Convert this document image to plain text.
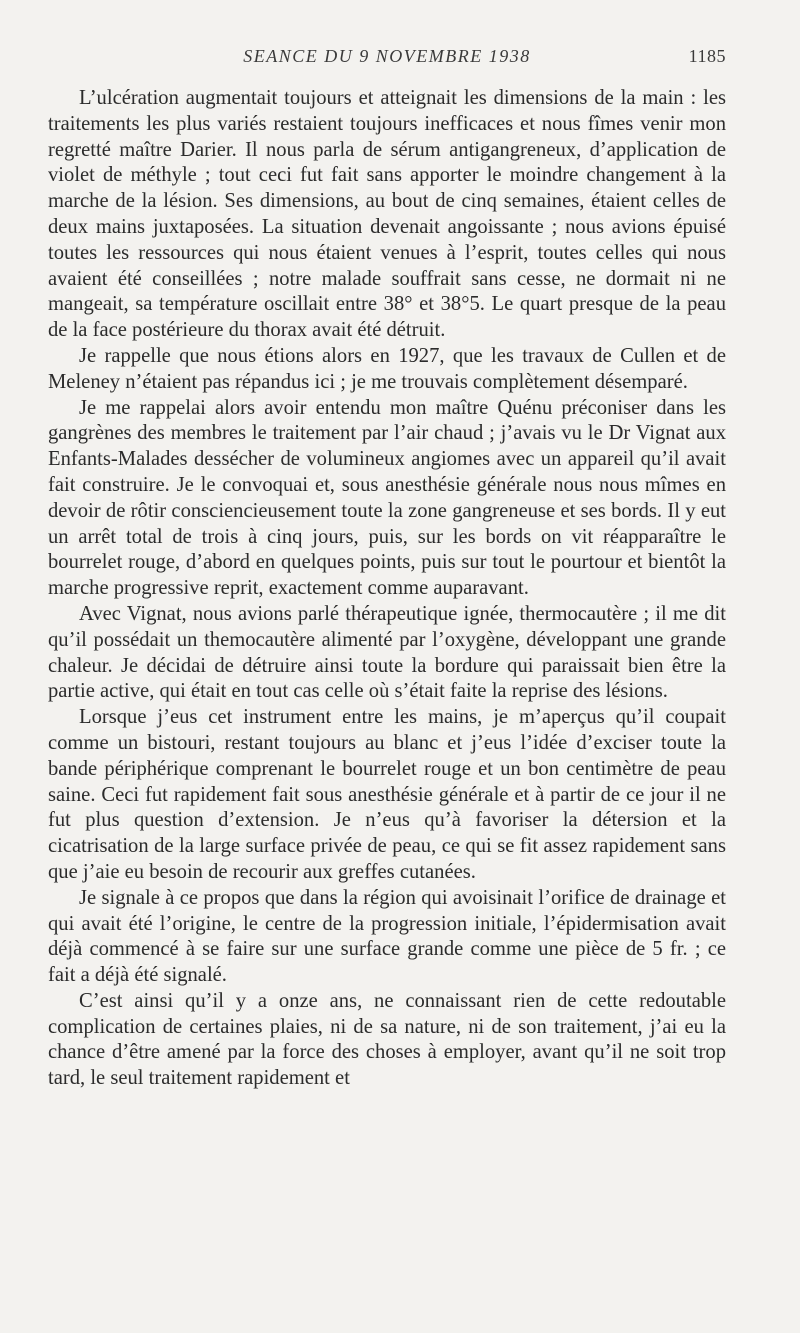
SEANCE DU 9 NOVEMBRE 1938	1185

L’ulcération augmentait toujours et atteignait les dimensions de la main : les traitements les plus variés restaient toujours inefficaces et nous fîmes venir mon regretté maître Darier. Il nous parla de sérum antigangreneux, d’application de violet de méthyle ; tout ceci fut fait sans apporter le moindre changement à la marche de la lésion. Ses dimensions, au bout de cinq semaines, étaient celles de deux mains juxtaposées. La situation devenait angoissante ; nous avions épuisé toutes les ressources qui nous étaient venues à l’esprit, toutes celles qui nous avaient été conseillées ; notre malade souffrait sans cesse, ne dormait ni ne mangeait, sa température oscillait entre 38° et 38°5. Le quart presque de la peau de la face postérieure du thorax avait été détruit.

Je rappelle que nous étions alors en 1927, que les travaux de Cullen et de Meleney n’étaient pas répandus ici ; je me trouvais complètement désemparé.

Je me rappelai alors avoir entendu mon maître Quénu préconiser dans les gangrènes des membres le traitement par l’air chaud ; j’avais vu le Dr Vignat aux Enfants-Malades dessécher de volumineux angiomes avec un appareil qu’il avait fait construire. Je le convoquai et, sous anesthésie générale nous nous mîmes en devoir de rôtir consciencieusement toute la zone gangreneuse et ses bords. Il y eut un arrêt total de trois à cinq jours, puis, sur les bords on vit réapparaître le bourrelet rouge, d’abord en quelques points, puis sur tout le pourtour et bientôt la marche progressive reprit, exactement comme auparavant.

Avec Vignat, nous avions parlé thérapeutique ignée, thermocautère ; il me dit qu’il possédait un themocautère alimenté par l’oxygène, développant une grande chaleur. Je décidai de détruire ainsi toute la bordure qui paraissait bien être la partie active, qui était en tout cas celle où s’était faite la reprise des lésions.

Lorsque j’eus cet instrument entre les mains, je m’aperçus qu’il coupait comme un bistouri, restant toujours au blanc et j’eus l’idée d’exciser toute la bande périphérique comprenant le bourrelet rouge et un bon centimètre de peau saine. Ceci fut rapidement fait sous anesthésie générale et à partir de ce jour il ne fut plus question d’extension. Je n’eus qu’à favoriser la détersion et la cicatrisation de la large surface privée de peau, ce qui se fit assez rapidement sans que j’aie eu besoin de recourir aux greffes cutanées.

Je signale à ce propos que dans la région qui avoisinait l’orifice de drainage et qui avait été l’origine, le centre de la progression initiale, l’épidermisation avait déjà commencé à se faire sur une surface grande comme une pièce de 5 fr. ; ce fait a déjà été signalé.

C’est ainsi qu’il y a onze ans, ne connaissant rien de cette redoutable complication de certaines plaies, ni de sa nature, ni de son traitement, j’ai eu la chance d’être amené par la force des choses à employer, avant qu’il ne soit trop tard, le seul traitement rapidement et
